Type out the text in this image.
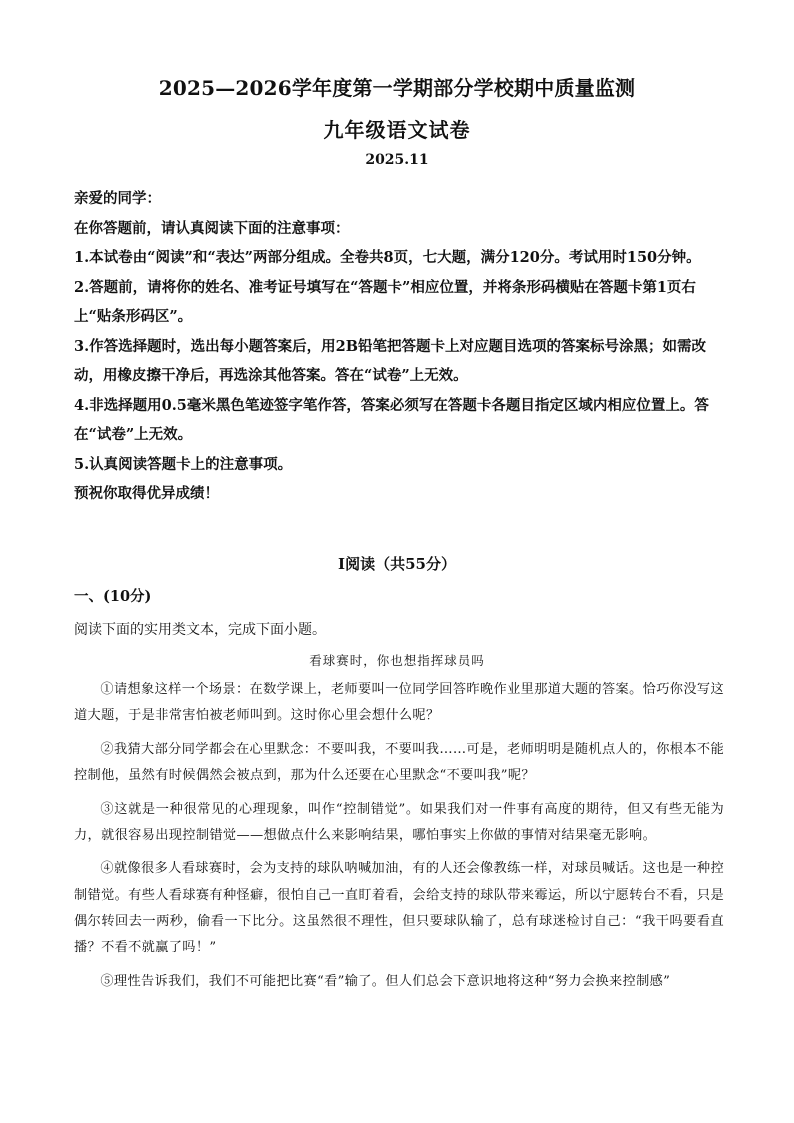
2025—2026学年度第一学期部分学校期中质量监测
九年级语文试卷
2025.11

亲爱的同学：

在你答题前，请认真阅读下面的注意事项：

1.本试卷由“阅读”和“表达”两部分组成。全卷共8页，七大题，满分120分。考试用时150分钟。

2.答题前，请将你的姓名、准考证号填写在“答题卡”相应位置，并将条形码横贴在答题卡第1页右上“贴条形码区”。

3.作答选择题时，选出每小题答案后，用2B铅笔把答题卡上对应题目选项的答案标号涂黑；如需改动，用橡皮擦干净后，再选涂其他答案。答在“试卷”上无效。

4.非选择题用0.5毫米黑色笔迹签字笔作答，答案必须写在答题卡各题目指定区域内相应位置上。答在“试卷”上无效。

5.认真阅读答题卡上的注意事项。

预祝你取得优异成绩！

Ⅰ阅读（共55分）
一、(10分)
阅读下面的实用类文本，完成下面小题。
看球赛时，你也想指挥球员吗

①请想象这样一个场景：在数学课上，老师要叫一位同学回答昨晚作业里那道大题的答案。恰巧你没写这道大题，于是非常害怕被老师叫到。这时你心里会想什么呢？

②我猜大部分同学都会在心里默念：不要叫我，不要叫我……可是，老师明明是随机点人的，你根本不能控制他，虽然有时候偶然会被点到，那为什么还要在心里默念“不要叫我”呢？

③这就是一种很常见的心理现象，叫作“控制错觉”。如果我们对一件事有高度的期待，但又有些无能为力，就很容易出现控制错觉——想做点什么来影响结果，哪怕事实上你做的事情对结果毫无影响。

④就像很多人看球赛时，会为支持的球队呐喊加油，有的人还会像教练一样，对球员喊话。这也是一种控制错觉。有些人看球赛有种怪癖，很怕自己一直盯着看，会给支持的球队带来霉运，所以宁愿转台不看，只是偶尔转回去一两秒，偷看一下比分。这虽然很不理性，但只要球队输了，总有球迷检讨自己：“我干吗要看直播？不看不就赢了吗！”

⑤理性告诉我们，我们不可能把比赛“看”输了。但人们总会下意识地将这种“努力会换来控制感”
